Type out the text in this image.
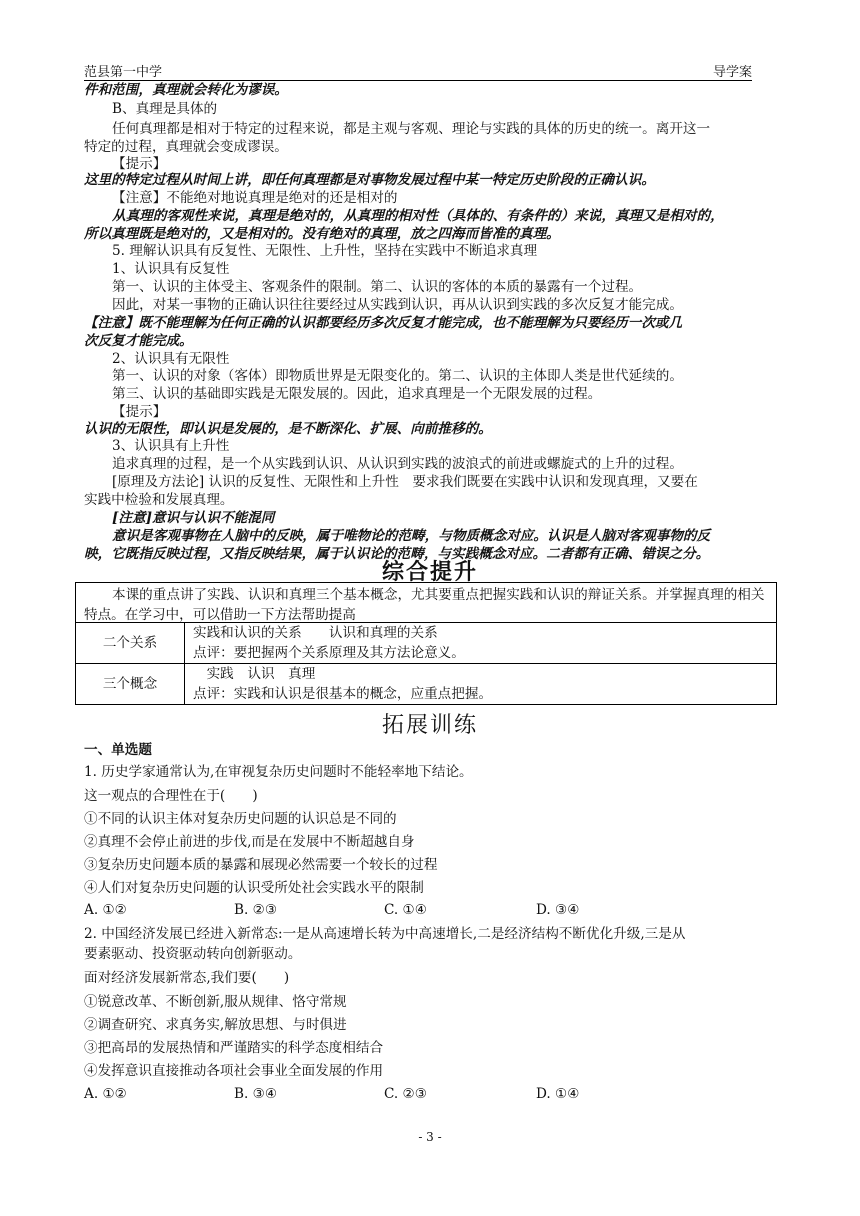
范县第一中学	导学案
件和范围，真理就会转化为谬误。
B、真理是具体的
任何真理都是相对于特定的过程来说，都是主观与客观、理论与实践的具体的历史的统一。离开这一
特定的过程，真理就会变成谬误。
【提示】
这里的特定过程从时间上讲，即任何真理都是对事物发展过程中某一特定历史阶段的正确认识。
【注意】不能绝对地说真理是绝对的还是相对的
从真理的客观性来说，真理是绝对的，从真理的相对性（具体的、有条件的）来说，真理又是相对的，
所以真理既是绝对的，又是相对的。没有绝对的真理，放之四海而皆准的真理。
5. 理解认识具有反复性、无限性、上升性，坚持在实践中不断追求真理
1、认识具有反复性
第一、认识的主体受主、客观条件的限制。第二、认识的客体的本质的暴露有一个过程。
因此，对某一事物的正确认识往往要经过从实践到认识，再从认识到实践的多次反复才能完成。
【注意】既不能理解为任何正确的认识都要经历多次反复才能完成，也不能理解为只要经历一次或几
次反复才能完成。
2、认识具有无限性
第一、认识的对象（客体）即物质世界是无限变化的。第二、认识的主体即人类是世代延续的。
第三、认识的基础即实践是无限发展的。因此，追求真理是一个无限发展的过程。
【提示】
认识的无限性，即认识是发展的，是不断深化、扩展、向前推移的。
3、认识具有上升性
追求真理的过程，是一个从实践到认识、从认识到实践的波浪式的前进或螺旋式的上升的过程。
[原理及方法论] 认识的反复性、无限性和上升性　要求我们既要在实践中认识和发现真理，又要在
实践中检验和发展真理。
[注意]意识与认识不能混同
意识是客观事物在人脑中的反映，属于唯物论的范畴，与物质概念对应。认识是人脑对客观事物的反
映，它既指反映过程，又指反映结果，属于认识论的范畴，与实践概念对应。二者都有正确、错误之分。
综合提升
本课的重点讲了实践、认识和真理三个基本概念，尤其要重点把握实践和认识的辩证关系。并掌握真理的相关特点。在学习中，可以借助一下方法帮助提高
二个关系	实践和认识的关系　　认识和真理的关系
点评：要把握两个关系原理及其方法论意义。

三个概念	　实践　认识　真理
点评：实践和认识是很基本的概念，应重点把握。
拓展训练
一、单选题
1. 历史学家通常认为,在审视复杂历史问题时不能轻率地下结论。
这一观点的合理性在于(　　)
①不同的认识主体对复杂历史问题的认识总是不同的
②真理不会停止前进的步伐,而是在发展中不断超越自身
③复杂历史问题本质的暴露和展现必然需要一个较长的过程
④人们对复杂历史问题的认识受所处社会实践水平的限制
A. ①②	B. ②③	C. ①④	D. ③④
2. 中国经济发展已经进入新常态:一是从高速增长转为中高速增长,二是经济结构不断优化升级,三是从
要素驱动、投资驱动转向创新驱动。
面对经济发展新常态,我们要(　　)
①锐意改革、不断创新,服从规律、恪守常规
②调查研究、求真务实,解放思想、与时俱进
③把高昂的发展热情和严谨踏实的科学态度相结合
④发挥意识直接推动各项社会事业全面发展的作用
A. ①②	B. ③④	C. ②③	D. ①④
- 3 -
